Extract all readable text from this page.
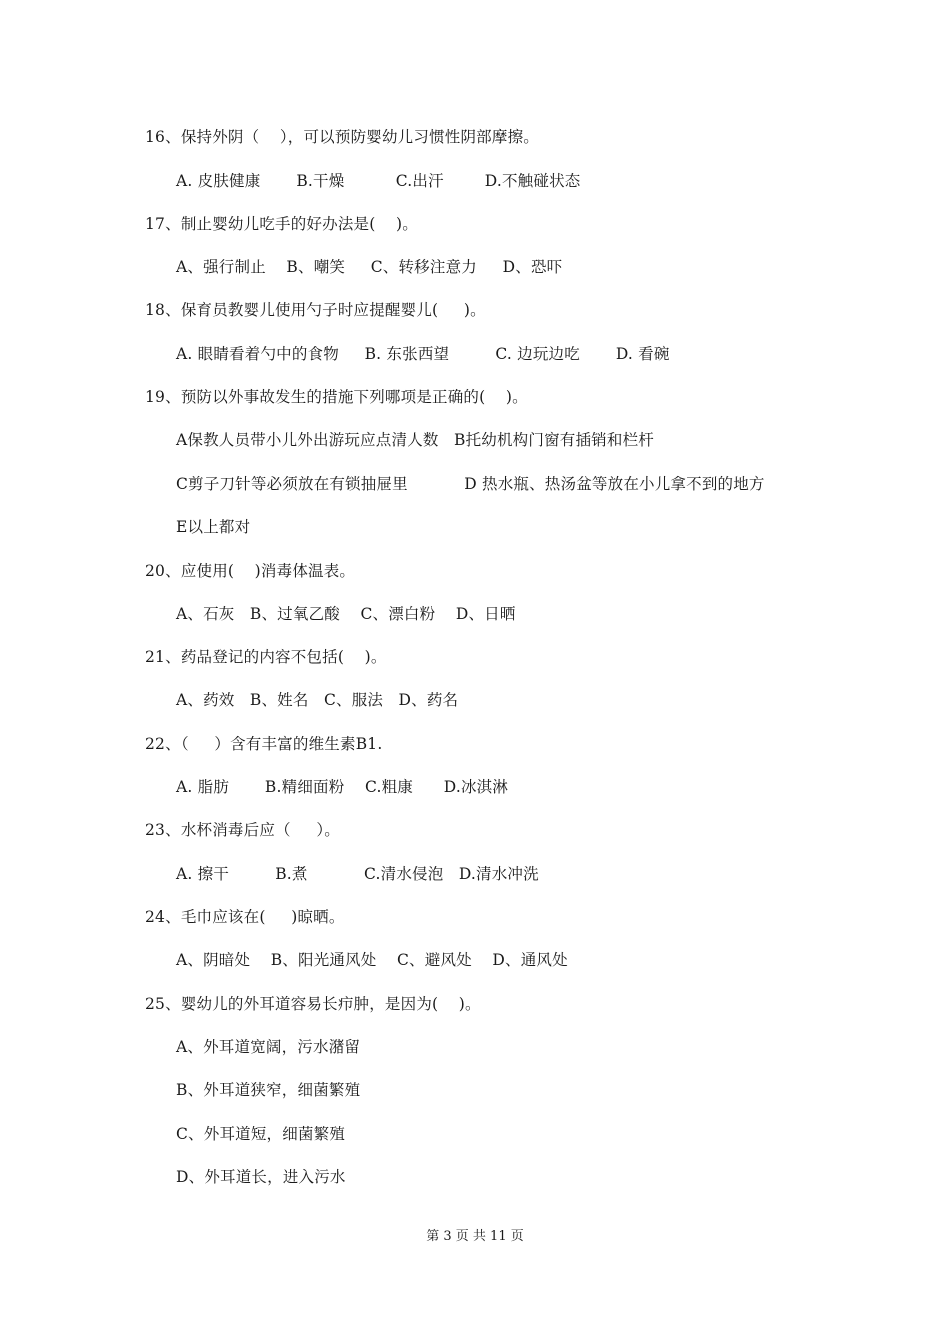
16、保持外阴（    ），可以预防婴幼儿习惯性阴部摩擦。
A. 皮肤健康       B.干燥          C.出汗        D.不触碰状态
17、制止婴幼儿吃手的好办法是(    )。
A、强行制止    B、嘲笑     C、转移注意力     D、恐吓
18、保育员教婴儿使用勺子时应提醒婴儿(     )。
A. 眼睛看着勺中的食物     B. 东张西望         C. 边玩边吃       D. 看碗
19、预防以外事故发生的措施下列哪项是正确的(    )。
A保教人员带小儿外出游玩应点清人数   B托幼机构门窗有插销和栏杆
C剪子刀针等必须放在有锁抽屉里           D 热水瓶、热汤盆等放在小儿拿不到的地方
E以上都对
20、应使用(    )消毒体温表。
A、石灰   B、过氧乙酸    C、漂白粉    D、日晒
21、药品登记的内容不包括(    )。
A、药效   B、姓名   C、服法   D、药名
22、（     ）含有丰富的维生素B1.
A. 脂肪       B.精细面粉    C.粗康      D.冰淇淋
23、水杯消毒后应（     ）。
A. 擦干         B.煮           C.清水侵泡   D.清水冲洗
24、毛巾应该在(     )晾晒。
A、阴暗处    B、阳光通风处    C、避风处    D、通风处
25、婴幼儿的外耳道容易长疖肿，是因为(    )。
A、外耳道宽阔，污水潴留
B、外耳道狭窄，细菌繁殖
C、外耳道短，细菌繁殖
D、外耳道长，进入污水
第 3 页 共 11 页
